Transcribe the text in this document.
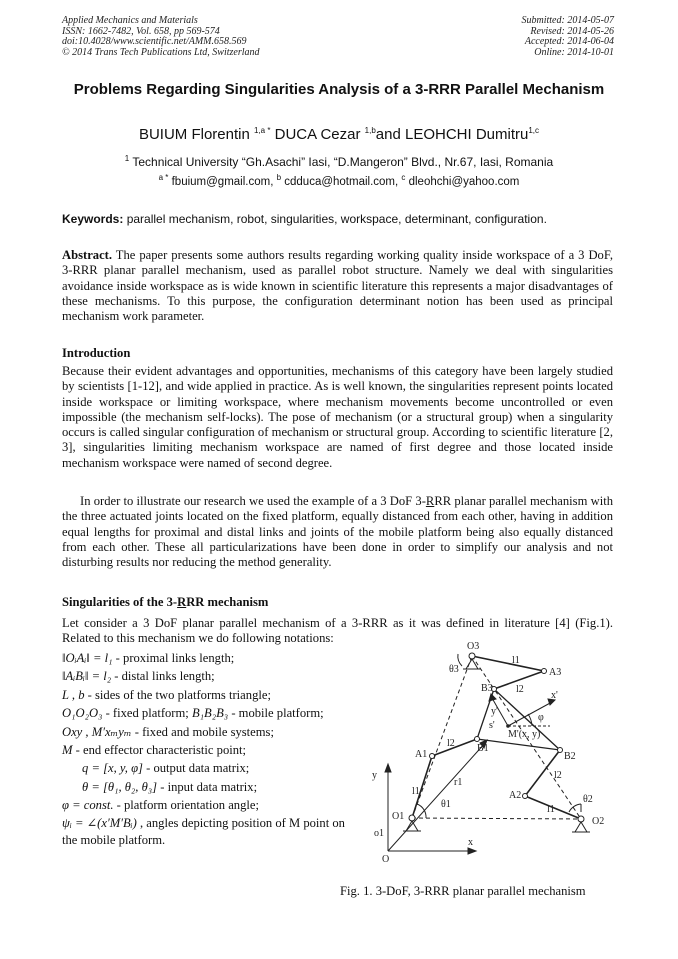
Applied Mechanics and Materials
ISSN: 1662-7482, Vol. 658, pp 569-574
doi:10.4028/www.scientific.net/AMM.658.569
© 2014 Trans Tech Publications Ltd, Switzerland
Submitted: 2014-05-07
Revised: 2014-05-26
Accepted: 2014-06-04
Online: 2014-10-01
Problems Regarding Singularities Analysis of a 3-RRR Parallel Mechanism
BUIUM Florentin $^{1,a *}$ DUCA Cezar $^{1,b}$and LEOHCHI Dumitru$^{1,c}$
$^1$ Technical University “Gh.Asachi” Iasi, “D.Mangeron” Blvd., Nr.67, Iasi, Romania
$^{a *}$ fbuium@gmail.com, $^b$ cdduca@hotmail.com, $^c$ dleohchi@yahoo.com
Keywords: parallel mechanism, robot, singularities, workspace, determinant, configuration.
Abstract. The paper presents some authors results regarding working quality inside workspace of a 3 DoF, 3-RRR planar parallel mechanism, used as parallel robot structure. Namely we deal with singularities avoidance inside workspace as is wide known in scientific literature this represents a major disadvantages of these mechanisms. To this purpose, the configuration determinant notion has been used as principal mechanism work parameter.
Introduction
Because their evident advantages and opportunities, mechanisms of this category have been largely studied by scientists [1-12], and wide applied in practice. As is well known, the singularities represent points located inside workspace or limiting workspace, where mechanism movements become uncontrolled or even impossible (the mechanism self-locks). The pose of mechanism (or a structural group) when a singularity occurs is called singular configuration of mechanism or structural group. According to scientific literature [2, 3], singularities limiting mechanism workspace are named of first degree and those located inside mechanism workspace were named of second degree.
In order to illustrate our research we used the example of a 3 DoF 3-RRR planar parallel mechanism with the three actuated joints located on the fixed platform, equally distanced from each other, having in addition equal lengths for proximal and distal links and joints of the mobile platform being also equally distanced from each other. These all particularizations have been done in order to simplify our analysis and not disturbing results nor reducing the method generality.
Singularities of the 3-RRR mechanism
Let consider a 3 DoF planar parallel mechanism of a 3-RRR as it was defined in literature [4] (Fig.1). Related to this mechanism we do following notations:
‖OᵢAᵢ‖ = l₁ - proximal links length;
‖AᵢBᵢ‖ = l₂ - distal links length;
L , b - sides of the two platforms triangle;
O₁O₂O₃ - fixed platform; B₁B₂B₃ - mobile platform;
Oxy , M′xₘyₘ - fixed and mobile systems;
M - end effector characteristic point;
q = [x, y, φ] - output data matrix;
θ = [θ₁, θ₂, θ₃] - input data matrix;
φ = const. - platform orientation angle;
ψᵢ = ∠(x′M′Bᵢ) , angles depicting position of M point on the mobile platform.
O3
l1
A3
θ3
B3 l2
y'
x'
φ
s'
M'(x, y)
l2 B1
A1	B2
l2
y
r1
l1	A2
θ1	θ2
l1
O1	O2
o1
x
O
Fig. 1. 3-DoF, 3-RRR planar parallel mechanism
